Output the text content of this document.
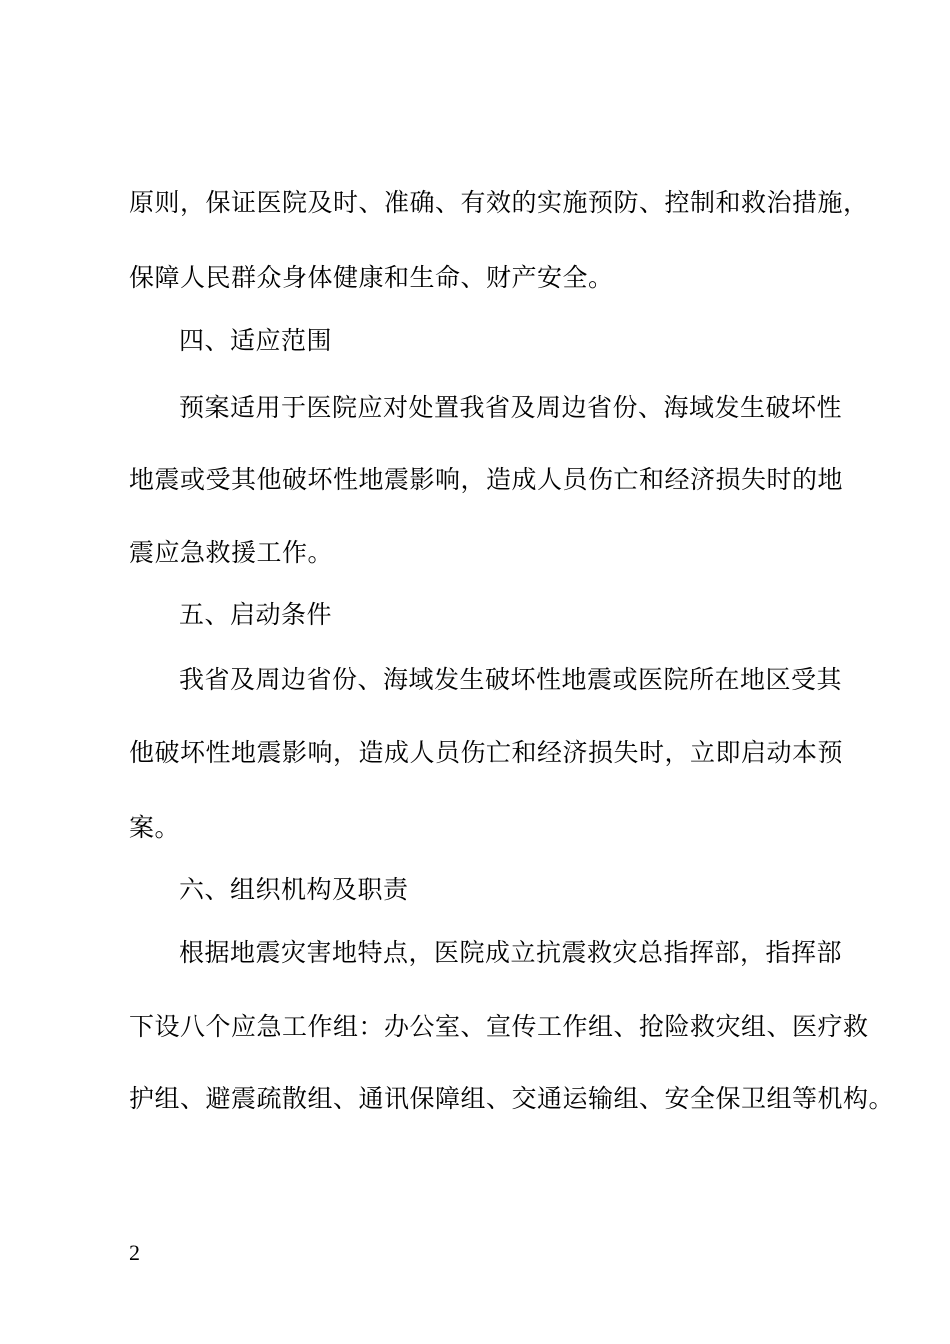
原则，保证医院及时、准确、有效的实施预防、控制和救治措施，
保障人民群众身体健康和生命、财产安全。
四、适应范围
预案适用于医院应对处置我省及周边省份、海域发生破坏性
地震或受其他破坏性地震影响，造成人员伤亡和经济损失时的地
震应急救援工作。
五、启动条件
我省及周边省份、海域发生破坏性地震或医院所在地区受其
他破坏性地震影响，造成人员伤亡和经济损失时，立即启动本预
案。
六、组织机构及职责
根据地震灾害地特点，医院成立抗震救灾总指挥部，指挥部
下设八个应急工作组：办公室、宣传工作组、抢险救灾组、医疗救
护组、避震疏散组、通讯保障组、交通运输组、安全保卫组等机构。
2
